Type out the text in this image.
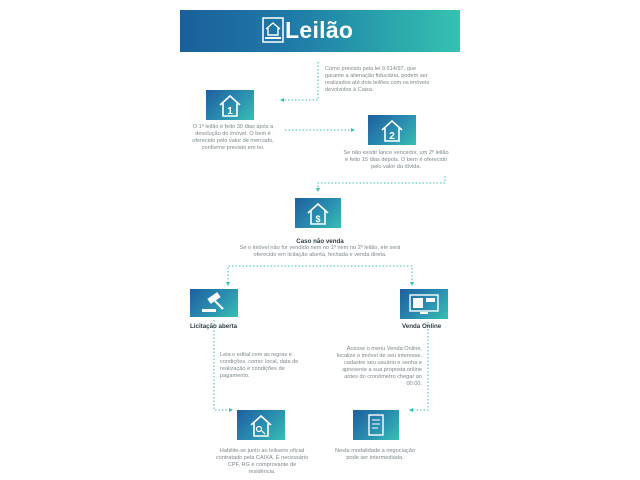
Leilão
Como previsto pela lei 9.514/97, que garante a alienação fiduciária, podem ser realizados até dois leilões com os imóveis devolvidos à Caixa.
1
O 1º leilão é feito 30 dias após a devolução do imóvel. O bem é oferecido pelo valor de mercado, conforme previsto em lei.
2
Se não existir lance vencedor, um 2º leilão é feito 15 dias depois. O bem é oferecido pelo valor da dívida.
$
Caso não venda
Se o imóvel não for vendido nem no 1º nem no 2º leilão, ele será oferecido em licitação aberta, fechada e venda direta.
Licitação aberta
Leia o edital com as regras e condições, como: local, data de realização e condições de pagamento.
Habilite-se junto ao leiloeiro oficial contratado pela CAIXA. É necessário CPF, RG e comprovante de residência.
Venda Online
Acesse o menu Venda Online, localize o imóvel de seu interesse, cadastre seu usuário e senha e apresente a sua proposta online antes do cronômetro chegar ao 00:00.
Nesta modalidade a negociação pode ser intermediada.
